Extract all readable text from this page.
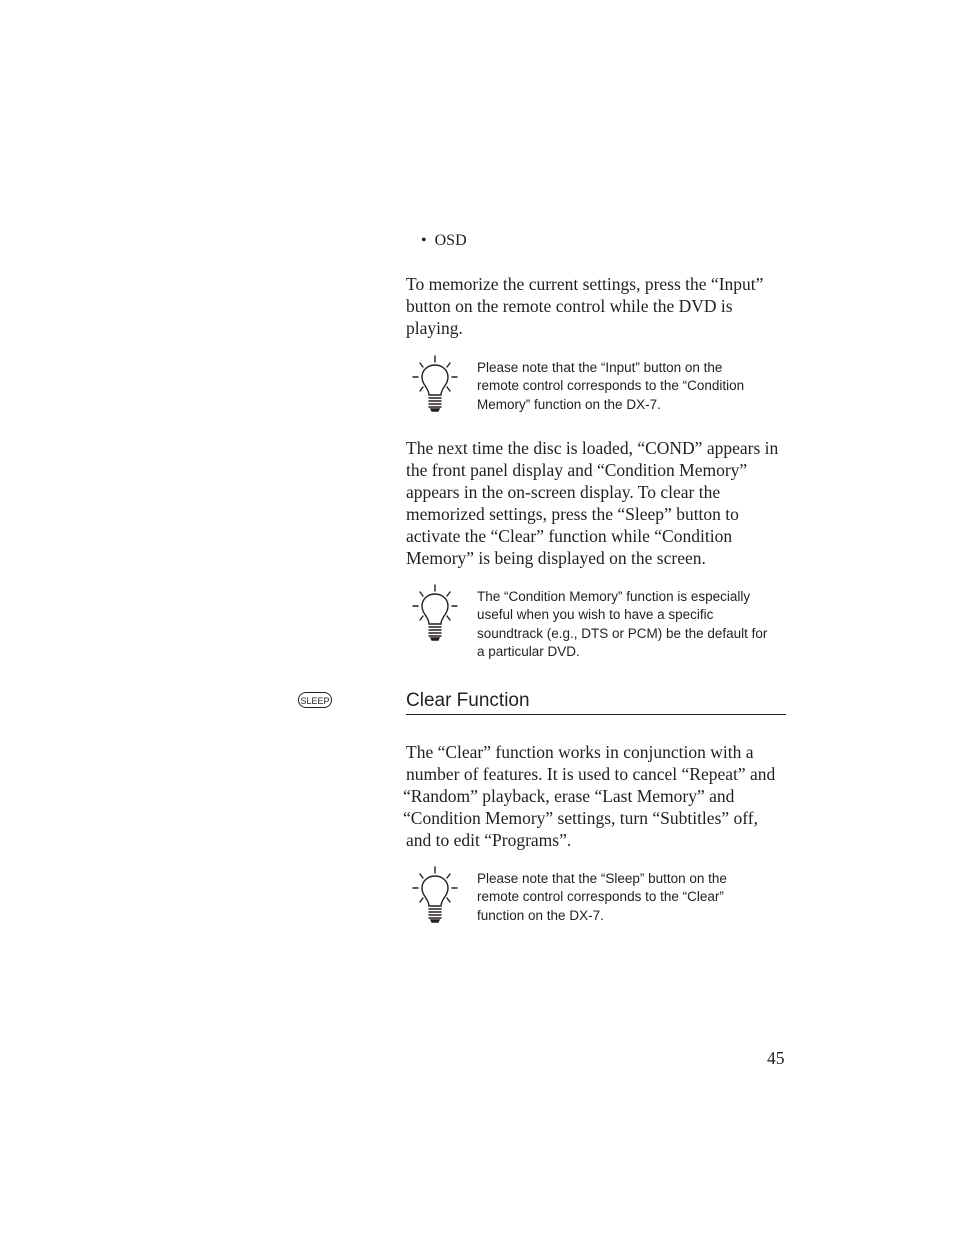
•  OSD

To memorize the current settings, press the “Input”
button on the remote control while the DVD is
playing.

Please note that the “Input” button on the
remote control corresponds to the “Condition
Memory” function on the DX-7.

The next time the disc is loaded, “COND” appears in
the front panel display and “Condition Memory”
appears in the on-screen display. To clear the
memorized settings, press the “Sleep” button to
activate the “Clear” function while “Condition
Memory” is being displayed on the screen.

The “Condition Memory” function is especially
useful when you wish to have a specific
soundtrack (e.g., DTS or PCM) be the default for
a particular DVD.

SLEEP	Clear Function

The “Clear” function works in conjunction with a
number of features. It is used to cancel “Repeat” and
“Random” playback, erase “Last Memory” and
“Condition Memory” settings, turn “Subtitles” off,
and to edit “Programs”.

Please note that the “Sleep” button on the
remote control corresponds to the “Clear”
function on the DX-7.

45
